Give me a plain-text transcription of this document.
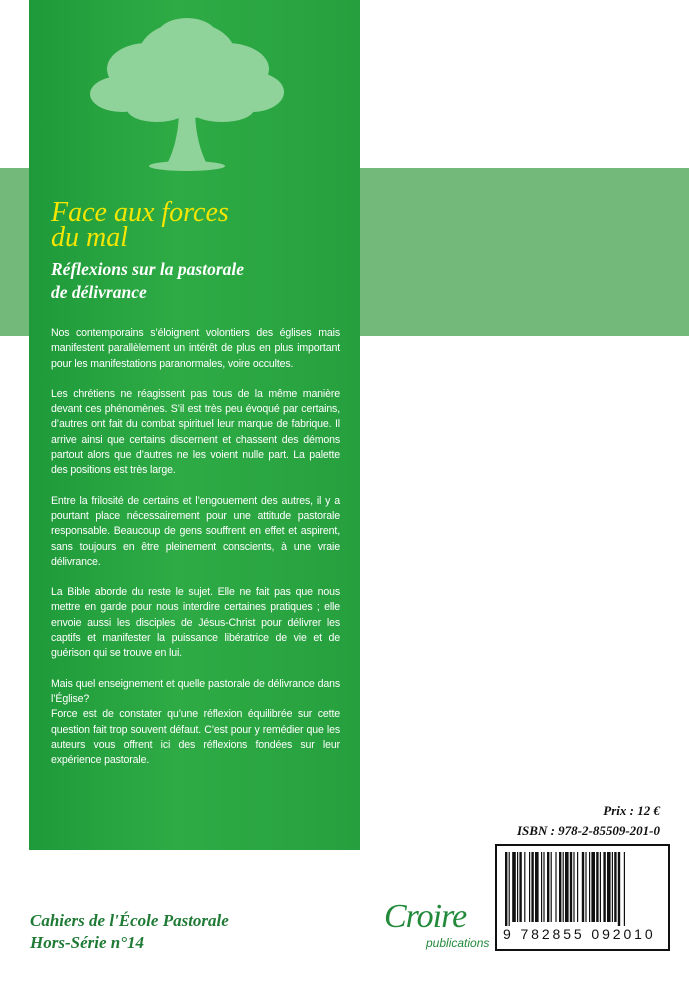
Face aux forces
du mal
Réflexions sur la pastorale
de délivrance

Nos contemporains s’éloignent volontiers des églises mais manifestent parallèlement un intérêt de plus en plus important pour les manifestations paranormales, voire occultes.

Les chrétiens ne réagissent pas tous de la même manière devant ces phénomènes. S’il est très peu évoqué par certains, d’autres ont fait du combat spirituel leur marque de fabrique. Il arrive ainsi que certains discernent et chassent des démons partout alors que d’autres ne les voient nulle part. La palette des positions est très large.

Entre la frilosité de certains et l’engouement des autres, il y a pourtant place nécessairement pour une attitude pastorale responsable. Beaucoup de gens souffrent en effet et aspirent, sans toujours en être pleinement conscients, à une vraie délivrance.

La Bible aborde du reste le sujet. Elle ne fait pas que nous mettre en garde pour nous interdire certaines pratiques ; elle envoie aussi les disciples de Jésus-Christ pour délivrer les captifs et manifester la puissance libératrice de vie et de guérison qui se trouve en lui.

Mais quel enseignement et quelle pastorale de délivrance dans l’Église?

Force est de constater qu’une réflexion équilibrée sur cette question fait trop souvent défaut. C’est pour y remédier que les auteurs vous offrent ici des réflexions fondées sur leur expérience pastorale.

Prix : 12 €

ISBN : 978-2-85509-201-0

9 782855 092010

Cahiers de l'École Pastorale
Hors-Série n°14

Croire

publications
